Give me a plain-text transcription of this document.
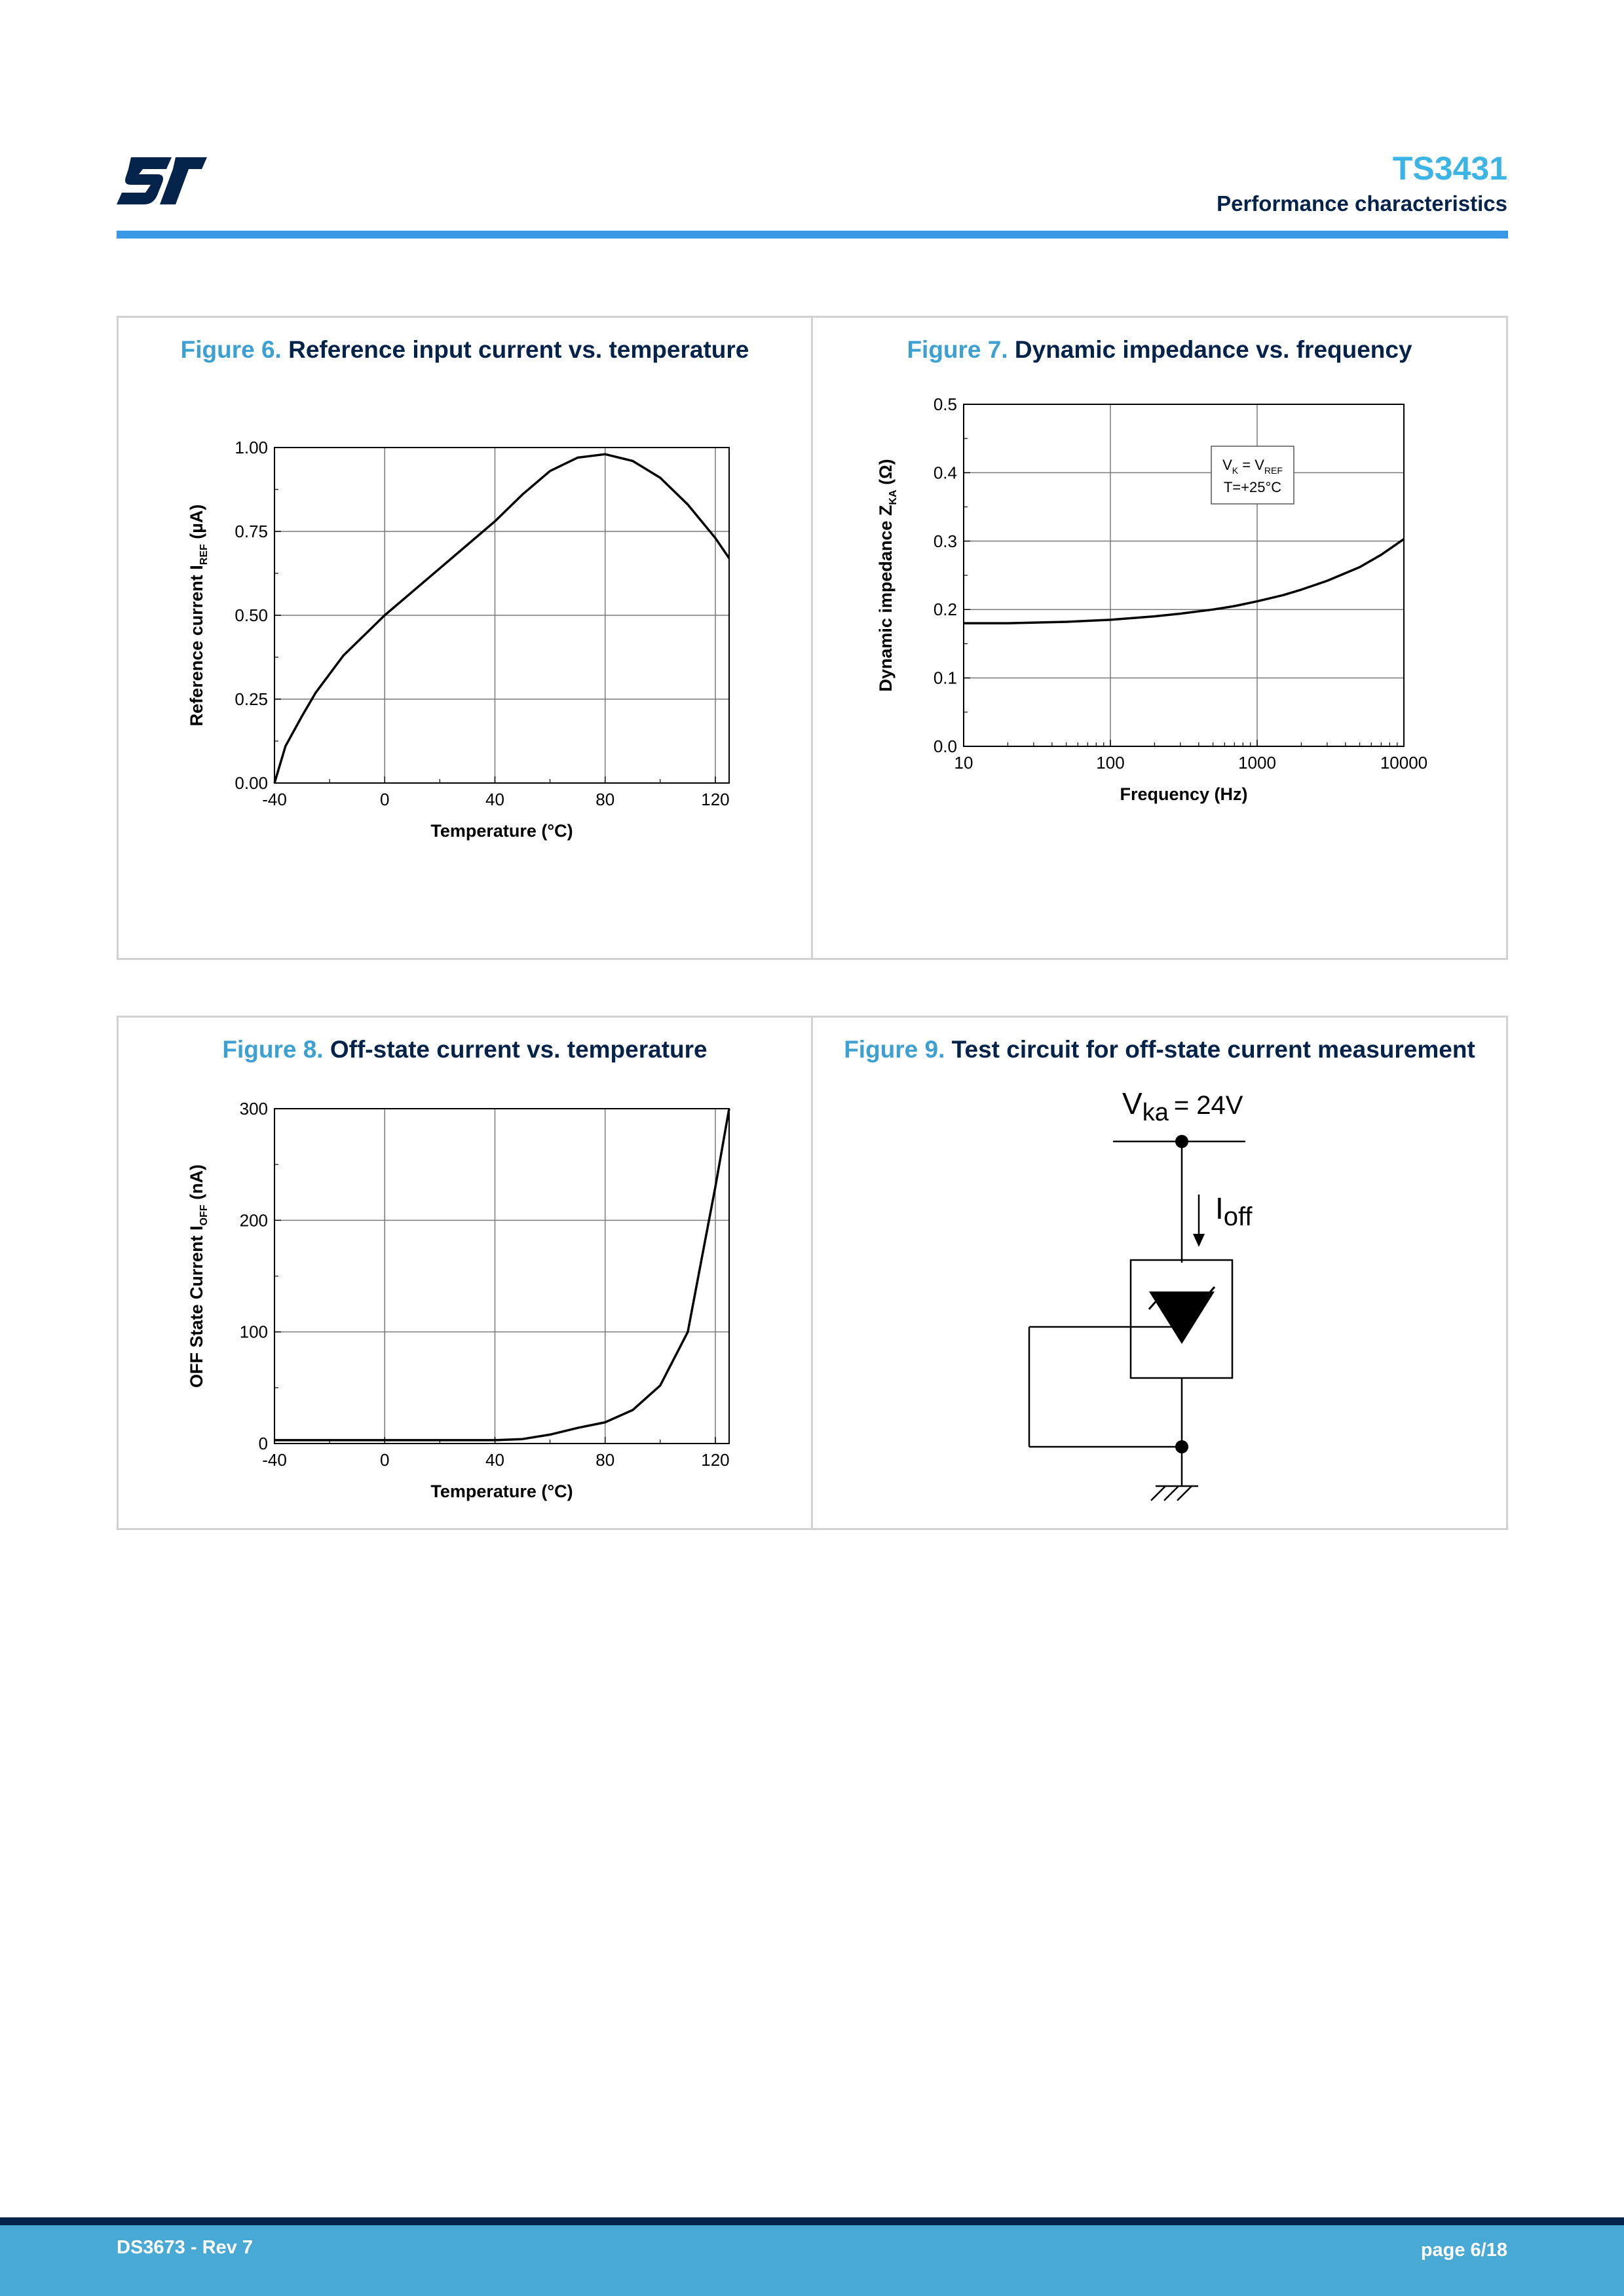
TS3431
Performance characteristics
Figure 6. Reference input current vs. temperature
-40	0	40	80	120
0.00
0.25
0.50
0.75
1.00
Temperature (°C)
Reference current $I_{REF}$ (µA)
Figure 7. Dynamic impedance vs. frequency
10	100	1000	10000
0.0
0.1
0.2
0.3
0.4
0.5
Frequency (Hz)
Dynamic impedance $Z_{KA}$ (Ω)	$V_K = V_{REF}$
T=+25°C
Figure 8. Off-state current vs. temperature
-40	0	40	80	120
0
100
200
300
Temperature (°C)
OFF State Current $I_{OFF}$ (nA)
Figure 9. Test circuit for off-state current measurement
$V_{ka} = 24V$
Ioff
DS3673 - Rev 7	page 6/18
